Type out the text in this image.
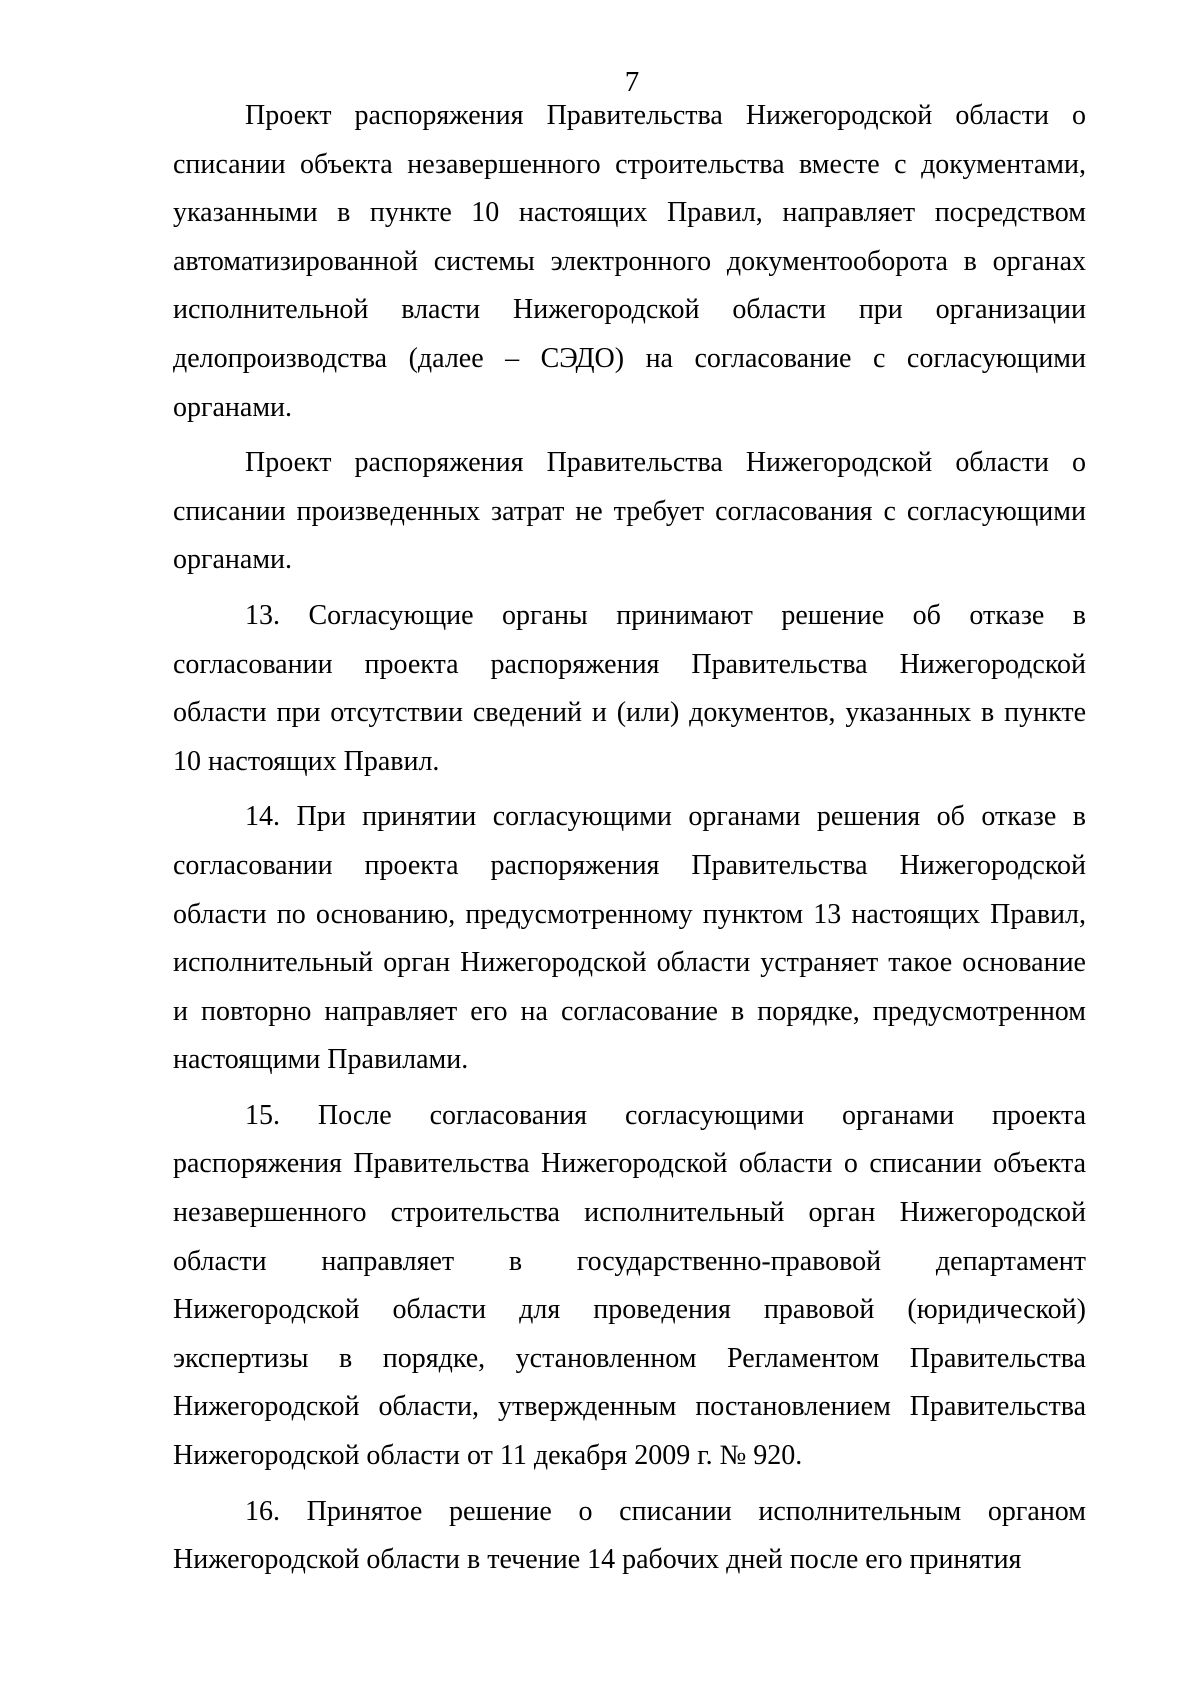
7

Проект распоряжения Правительства Нижегородской области о списании объекта незавершенного строительства вместе с документами, указанными в пункте 10 настоящих Правил, направляет посредством автоматизированной системы электронного документооборота в органах исполнительной власти Нижегородской области при организации делопроизводства (далее – СЭДО) на согласование с согласующими органами.

Проект распоряжения Правительства Нижегородской области о списании произведенных затрат не требует согласования с согласующими органами.

13. Согласующие органы принимают решение об отказе в согласовании проекта распоряжения Правительства Нижегородской области при отсутствии сведений и (или) документов, указанных в пункте 10 настоящих Правил.

14. При принятии согласующими органами решения об отказе в согласовании проекта распоряжения Правительства Нижегородской области по основанию, предусмотренному пунктом 13 настоящих Правил, исполнительный орган Нижегородской области устраняет такое основание и повторно направляет его на согласование в порядке, предусмотренном настоящими Правилами.

15. После согласования согласующими органами проекта распоряжения Правительства Нижегородской области о списании объекта незавершенного строительства исполнительный орган Нижегородской области направляет в государственно-правовой департамент Нижегородской области для проведения правовой (юридической) экспертизы в порядке, установленном Регламентом Правительства Нижегородской области, утвержденным постановлением Правительства Нижегородской области от 11 декабря 2009 г. № 920.

16. Принятое решение о списании исполнительным органом Нижегородской области в течение 14 рабочих дней после его принятия
